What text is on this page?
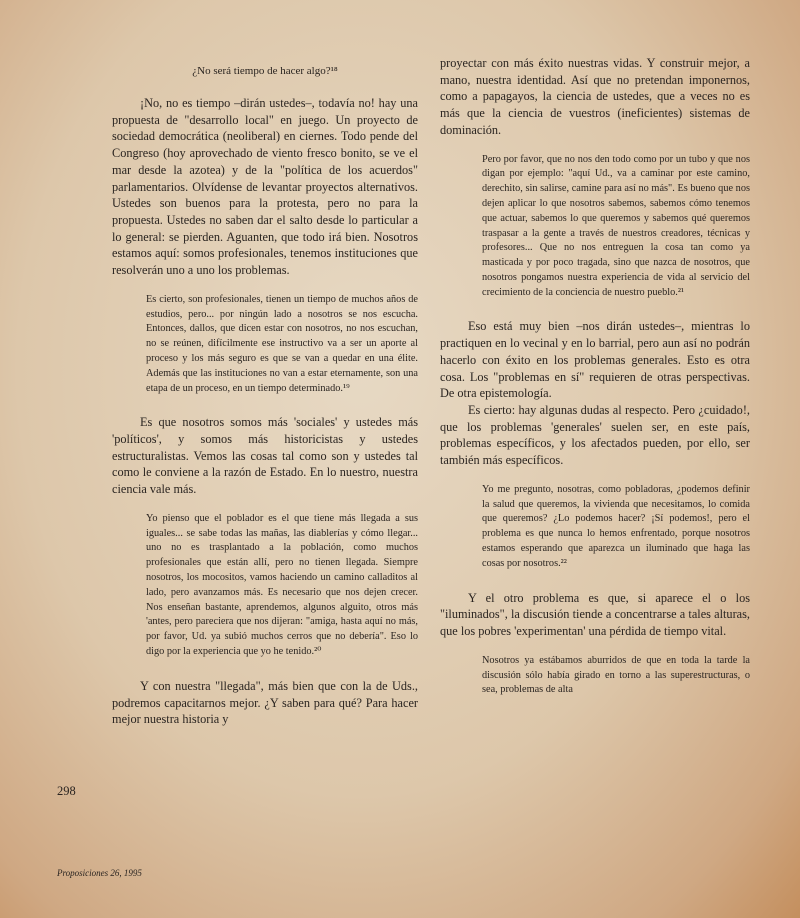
¿No será tiempo de hacer algo?¹⁸

¡No, no es tiempo –dirán ustedes–, todavía no! hay una propuesta de "desarrollo local" en juego. Un proyecto de sociedad democrática (neoliberal) en ciernes. Todo pende del Congreso (hoy aprovechado de viento fresco bonito, se ve el mar desde la azotea) y de la "política de los acuerdos" parlamentarios. Olvídense de levantar proyectos alternativos. Ustedes son buenos para la protesta, pero no para la propuesta. Ustedes no saben dar el salto desde lo particular a lo general: se pierden. Aguanten, que todo irá bien. Nosotros estamos aquí: somos profesionales, tenemos instituciones que resolverán uno a uno los problemas.

Es cierto, son profesionales, tienen un tiempo de muchos años de estudios, pero... por ningún lado a nosotros se nos escucha. Entonces, dallos, que dicen estar con nosotros, no nos escuchan, no se reúnen, difícilmente ese instructivo va a ser un aporte al proceso y los más seguro es que se van a quedar en una élite. Además que las instituciones no van a estar eternamente, son una etapa de un proceso, en un tiempo determinado.¹⁹

Es que nosotros somos más 'sociales' y ustedes más 'políticos', y somos más historicistas y ustedes estructuralistas. Vemos las cosas tal como son y ustedes tal como le conviene a la razón de Estado. En lo nuestro, nuestra ciencia vale más.

Yo pienso que el poblador es el que tiene más llegada a sus iguales... se sabe todas las mañas, las diablerías y cómo llegar... uno no es trasplantado a la población, como muchos profesionales que están allí, pero no tienen llegada. Siempre nosotros, los mocositos, vamos haciendo un camino calladitos al lado, pero avanzamos más. Es necesario que nos dejen crecer. Nos enseñan bastante, aprendemos, algunos alguito, otros más 'antes, pero pareciera que nos dijeran: "amiga, hasta aquí no más, por favor, Ud. ya subió muchos cerros que no debería". Eso lo digo por la experiencia que yo he tenido.²⁰

Y con nuestra "llegada", más bien que con la de Uds., podremos capacitarnos mejor. ¿Y saben para qué? Para hacer mejor nuestra historia y

proyectar con más éxito nuestras vidas. Y construir mejor, a mano, nuestra identidad. Así que no pretendan imponernos, como a papagayos, la ciencia de ustedes, que a veces no es más que la ciencia de vuestros (ineficientes) sistemas de dominación.

Pero por favor, que no nos den todo como por un tubo y que nos digan por ejemplo: "aquí Ud., va a caminar por este camino, derechito, sin salirse, camine para así no más". Es bueno que nos dejen aplicar lo que nosotros sabemos, sabemos cómo tenemos que actuar, sabemos lo que queremos y sabemos qué queremos traspasar a la gente a través de nuestros creadores, técnicas y profesores... Que no nos entreguen la cosa tan como ya masticada y por poco tragada, sino que nazca de nosotros, que nosotros pongamos nuestra experiencia de vida al servicio del crecimiento de la conciencia de nuestro pueblo.²¹

Eso está muy bien –nos dirán ustedes–, mientras lo practiquen en lo vecinal y en lo barrial, pero aun así no podrán hacerlo con éxito en los problemas generales. Esto es otra cosa. Los "problemas en sí" requieren de otras perspectivas. De otra epistemología.

Es cierto: hay algunas dudas al respecto. Pero ¿cuidado!, que los problemas 'generales' suelen ser, en este país, problemas específicos, y los afectados pueden, por ello, ser también más específicos.

Yo me pregunto, nosotras, como pobladoras, ¿podemos definir la salud que queremos, la vivienda que necesitamos, lo comida que queremos? ¿Lo podemos hacer? ¡Sí podemos!, pero el problema es que nunca lo hemos enfrentado, porque nosotros estamos esperando que aparezca un iluminado que haga las cosas por nosotros.²²

Y el otro problema es que, si aparece el o los "iluminados", la discusión tiende a concentrarse a tales alturas, que los pobres 'experimentan' una pérdida de tiempo vital.

Nosotros ya estábamos aburridos de que en toda la tarde la discusión sólo había girado en torno a las superestructuras, o sea, problemas de alta

298
Proposiciones 26, 1995
